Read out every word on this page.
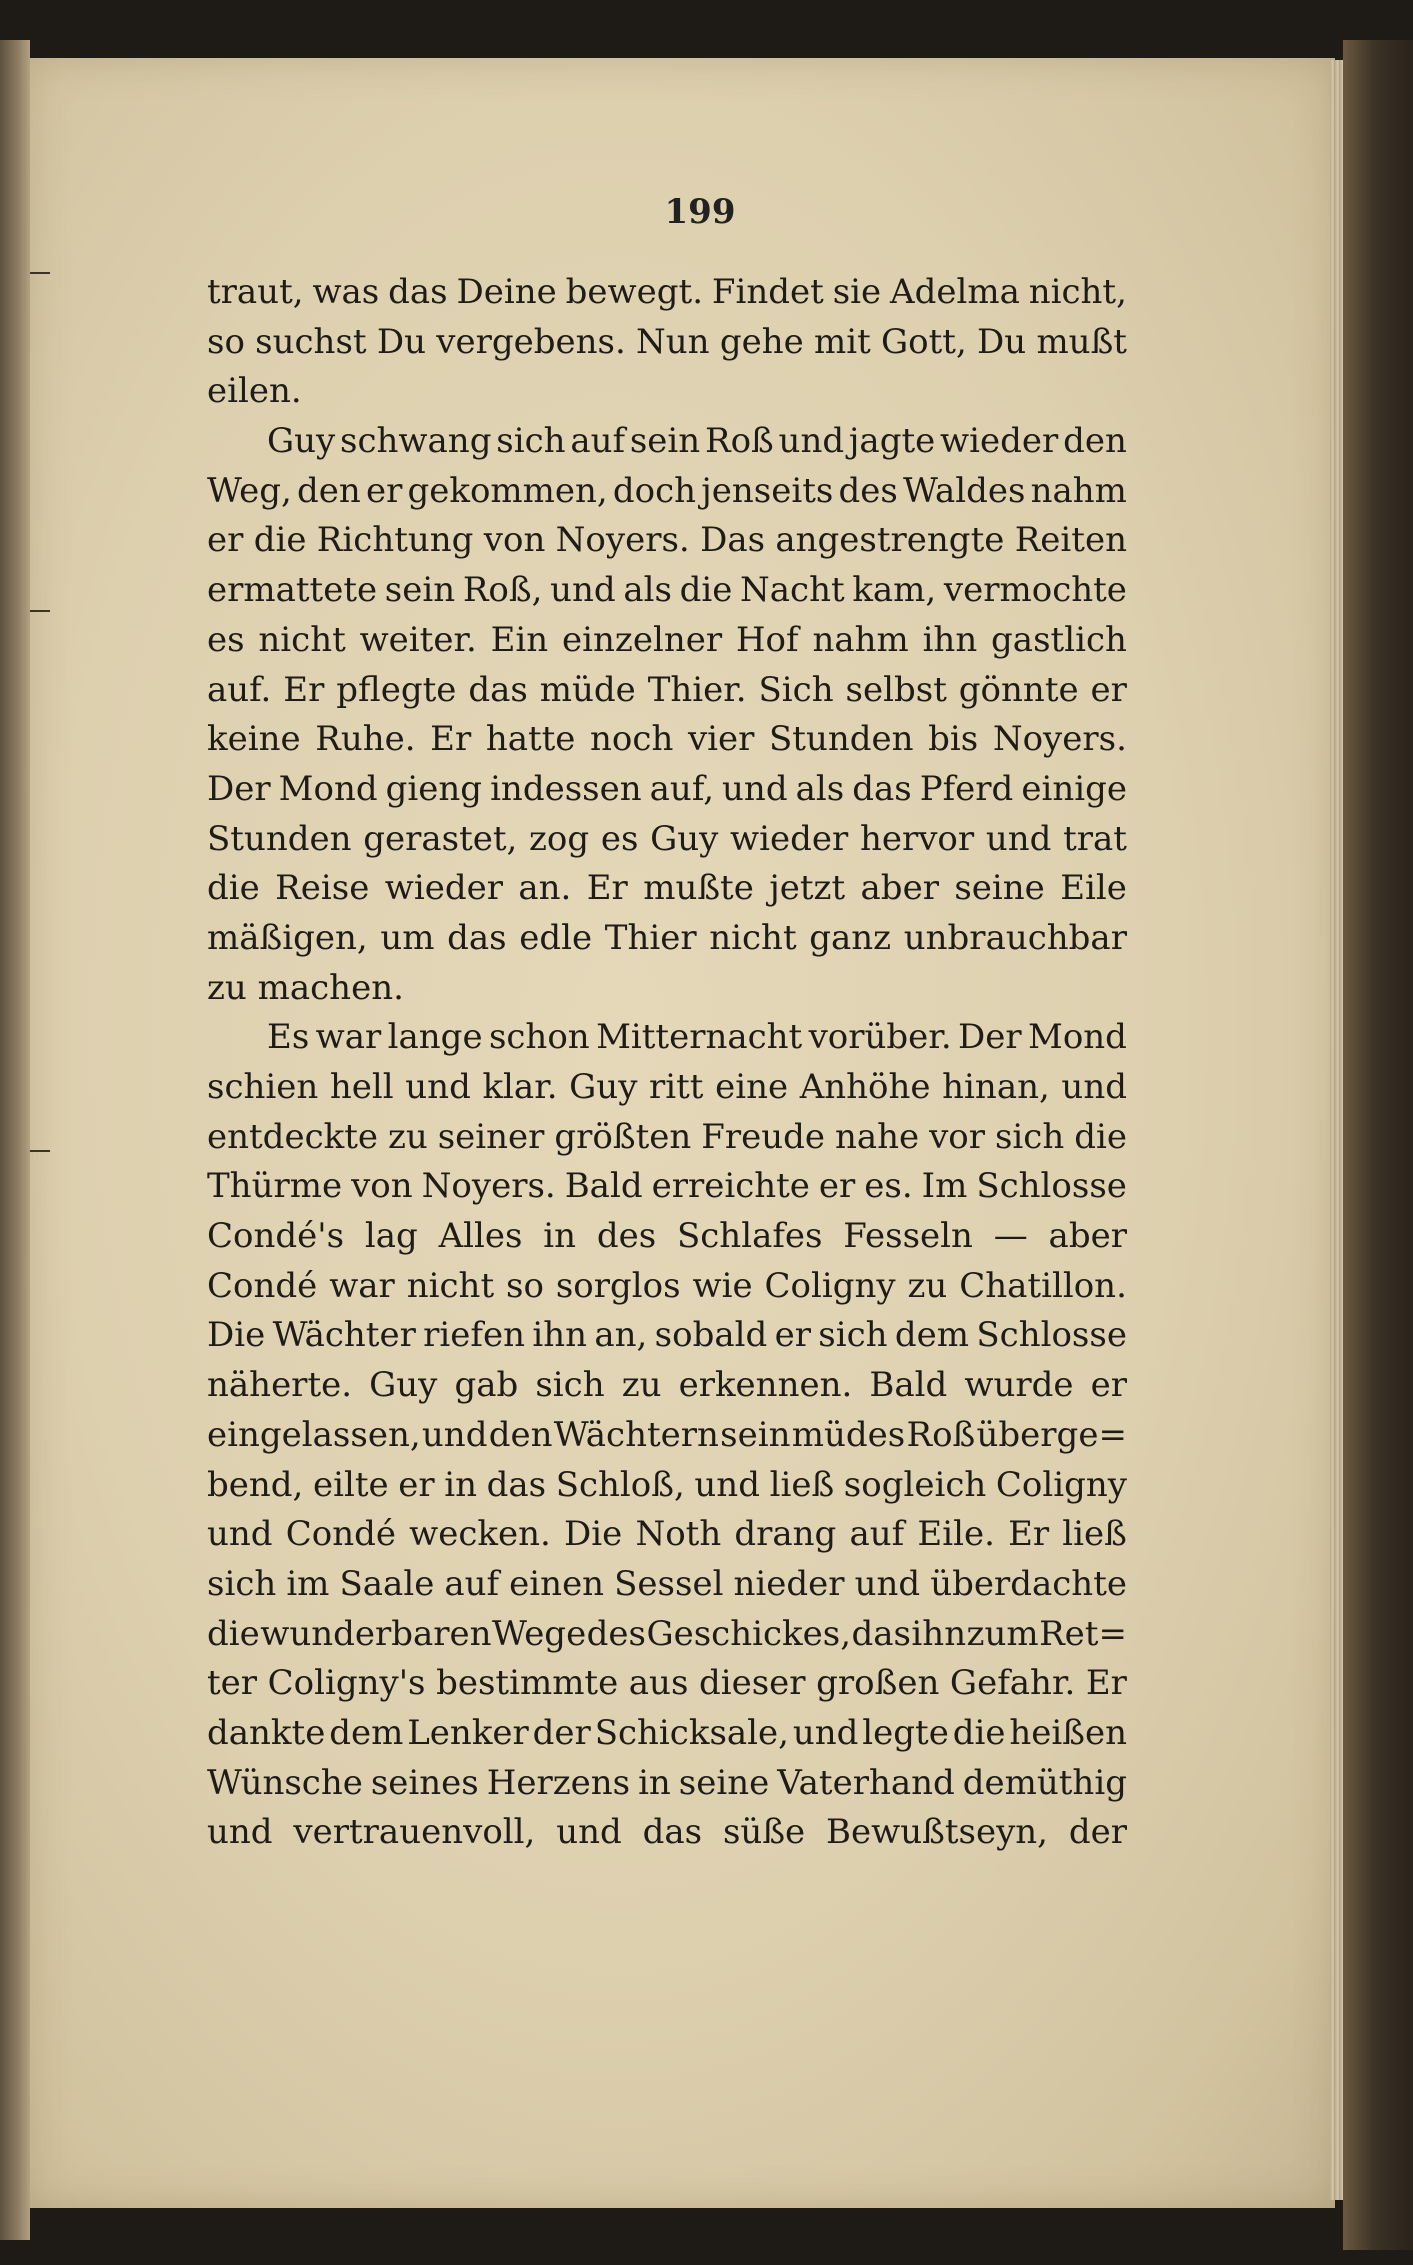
199
traut, was das Deine bewegt. Findet sie Adelma nicht,
so suchst Du vergebens. Nun gehe mit Gott, Du mußt
eilen.
Guy schwang sich auf sein Roß und jagte wieder den
Weg, den er gekommen, doch jenseits des Waldes nahm
er die Richtung von Noyers. Das angestrengte Reiten
ermattete sein Roß, und als die Nacht kam, vermochte
es nicht weiter. Ein einzelner Hof nahm ihn gastlich
auf. Er pflegte das müde Thier. Sich selbst gönnte er
keine Ruhe. Er hatte noch vier Stunden bis Noyers.
Der Mond gieng indessen auf, und als das Pferd einige
Stunden gerastet, zog es Guy wieder hervor und trat
die Reise wieder an. Er mußte jetzt aber seine Eile
mäßigen, um das edle Thier nicht ganz unbrauchbar
zu machen.
Es war lange schon Mitternacht vorüber. Der Mond
schien hell und klar. Guy ritt eine Anhöhe hinan, und
entdeckte zu seiner größten Freude nahe vor sich die
Thürme von Noyers. Bald erreichte er es. Im Schlosse
Condé's lag Alles in des Schlafes Fesseln — aber
Condé war nicht so sorglos wie Coligny zu Chatillon.
Die Wächter riefen ihn an, sobald er sich dem Schlosse
näherte. Guy gab sich zu erkennen. Bald wurde er
eingelassen, und den Wächtern sein müdes Roß überge=
bend, eilte er in das Schloß, und ließ sogleich Coligny
und Condé wecken. Die Noth drang auf Eile. Er ließ
sich im Saale auf einen Sessel nieder und überdachte
die wunderbaren Wege des Geschickes, das ihn zum Ret=
ter Coligny's bestimmte aus dieser großen Gefahr. Er
dankte dem Lenker der Schicksale, und legte die heißen
Wünsche seines Herzens in seine Vaterhand demüthig
und vertrauenvoll, und das süße Bewußtseyn, der
